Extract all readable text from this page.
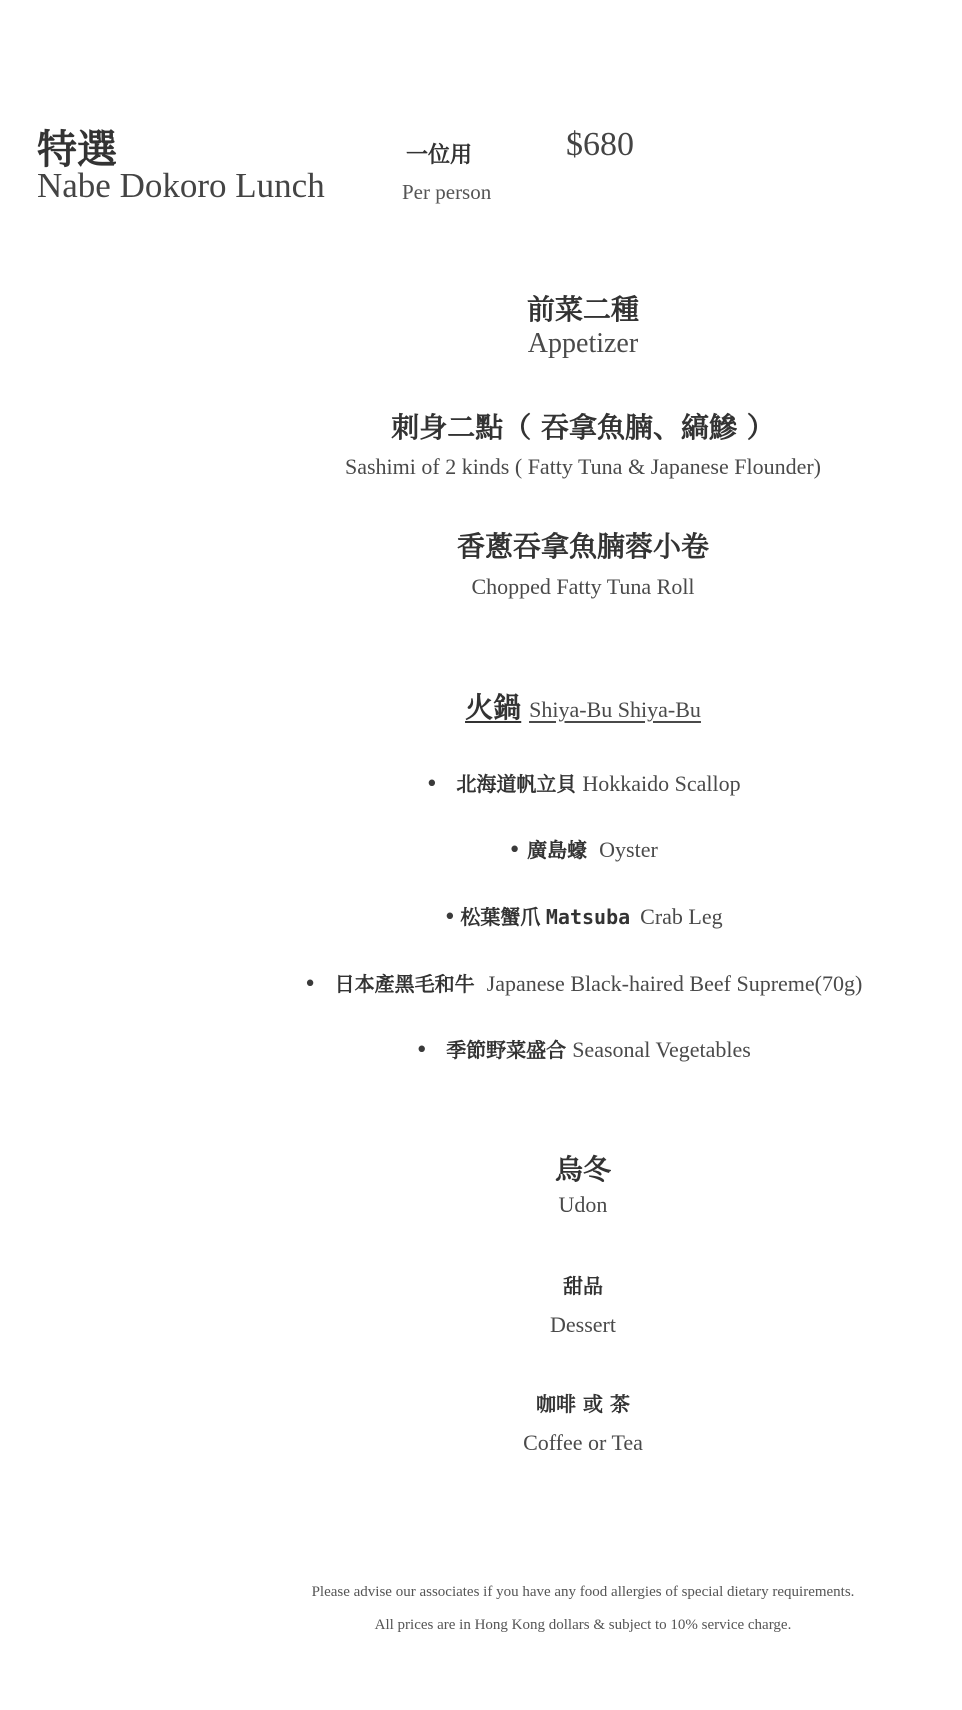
特選
Nabe Dokoro Lunch
一位用
Per person
$680
前菜二種
Appetizer
刺身二點（ 吞拿魚腩、縞鰺 ）
Sashimi of 2 kinds ( Fatty Tuna & Japanese Flounder)
香蔥吞拿魚腩蓉小卷
Chopped Fatty Tuna Roll
火鍋 Shiya-Bu Shiya-Bu
• 北海道帆立貝 Hokkaido Scallop
• 廣島蠔 Oyster
• 松葉蟹爪 Matsuba Crab Leg
• 日本產黑毛和牛 Japanese Black-haired Beef Supreme(70g)
• 季節野菜盛合 Seasonal Vegetables
烏冬
Udon
甜品
Dessert
咖啡 或 茶
Coffee or Tea
Please advise our associates if you have any food allergies of special dietary requirements.
All prices are in Hong Kong dollars & subject to 10% service charge.
